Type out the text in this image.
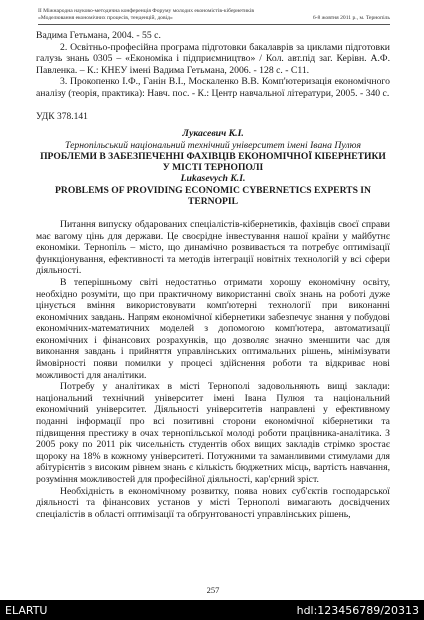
II Міжнародна науково-методична конференція Форуму молодих економістів-кібернетиків
«Моделювання економічних процесів, тенденцій, довід»	6-8 жовтня 2011 р., м. Тернопіль

Вадима Гетьмана, 2004. - 55 с.

2. Освітньо-професійна програма підготовки бакалаврів за циклами підготовки галузь знань 0305 – «Економіка і підприємництво» / Кол. авт.під заг. Керівн. А.Ф. Павленка. – К.: КНЕУ імені Вадима Гетьмана, 2006. - 128 с. - С11.

3. Прокопенко І.Ф., Ганін В.І., Москаленко В.В. Комп'ютеризація економічного аналізу (теорія, практика): Навч. пос. - К.: Центр навчальної літератури, 2005. - 340 с.

УДК 378.141
Лукасевич К.І.
Тернопільський національний технічний університет імені Івана Пулюя
ПРОБЛЕМИ В ЗАБЕЗПЕЧЕННІ ФАХІВЦІВ ЕКОНОМІЧНОЇ КІБЕРНЕТИКИ У МІСТІ ТЕРНОПОЛІ
Lukasevych K.I.
PROBLEMS OF PROVIDING ECONOMIC CYBERNETICS EXPERTS IN TERNOPIL

Питання випуску обдарованих спеціалістів-кібернетиків, фахівців своєї справи має вагому цінь для держави. Це своєрідне інвестування нашої країни у майбутнє економіки. Тернопіль – місто, що динамічно розвивається та потребує оптимізації функціонування, ефективності та методів інтеграції новітніх технологій у всі сфери діяльності.

В теперішньому світі недостатньо отримати хорошу економічну освіту, необхідно розуміти, що при практичному використанні своїх знань на роботі дуже цінується вміння використовувати комп'ютерні технології при виконанні економічних завдань. Напрям економічної кібернетики забезпечує знання у побудові економічних-математичних моделей з допомогою комп'ютера, автоматизації економічних і фінансових розрахунків, що дозволяє значно зменшити час для виконання завдань і прийняття управлінських оптимальних рішень, мінімізувати ймовірності появи помилки у процесі здійснення роботи та відкриває нові можливості для аналітики.

Потребу у аналітиках в місті Тернополі задовольняють вищі заклади: національний технічний університет імені Івана Пулюя та національний економічний університет. Діяльності університетів направлені у ефективному поданні інформації про всі позитивні сторони економічної кібернетики та підвищення престижу в очах тернопільської молоді роботи працівника-аналітика. З 2005 року по 2011 рік чисельність студентів обох вищих закладів стрімко зростає щороку на 18% в кожному університеті. Потужними та заманливими стимулами для абітурієнтів з високим рівнем знань є кількість бюджетних місць, вартість навчання, розуміння можливостей для професійної діяльності, кар'єрний зріст.

Необхідність в економічному розвитку, поява нових суб'єктів господарської діяльності та фінансових установ у місті Тернополі вимагають досвідчених спеціалістів в області оптимізації та обґрунтованості управлінських рішень,

257
ELARTU	hdl:123456789/20313
